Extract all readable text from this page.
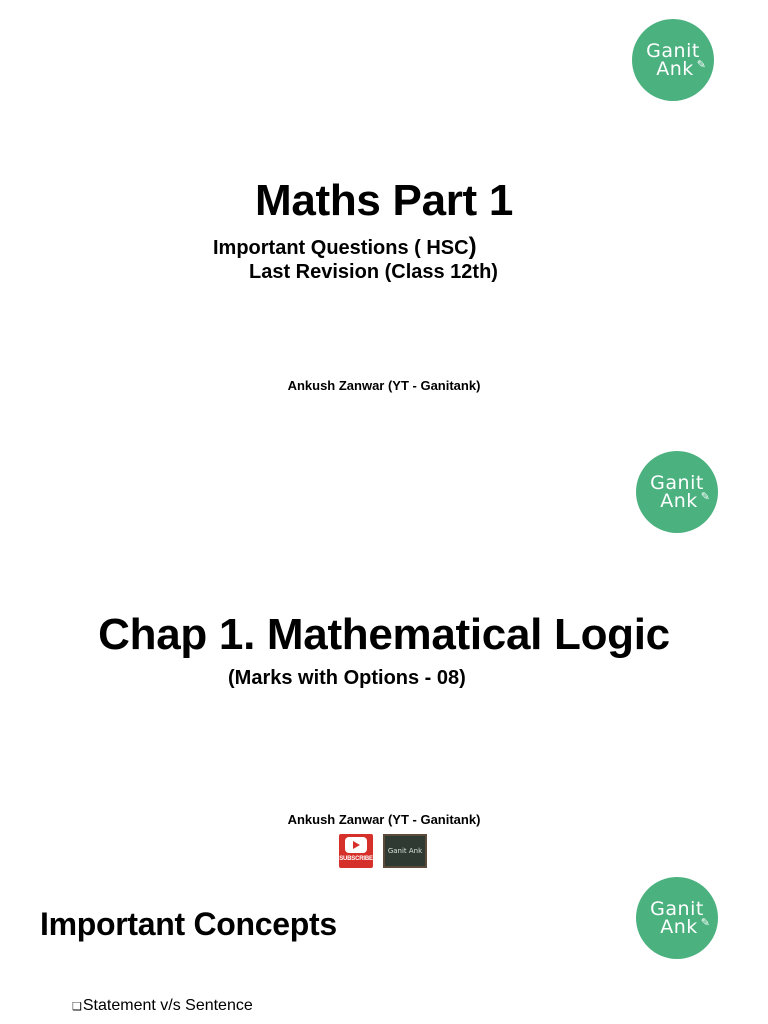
Ganit
Ank ✎
Maths Part 1
Important Questions ( HSC)
Last Revision (Class 12th)
Ankush Zanwar (YT - Ganitank)
Ganit
Ank ✎
Chap 1. Mathematical Logic
(Marks with Options - 08)
Ankush Zanwar (YT - Ganitank)
SUBSCRIBE
Ganit Ank
Ganit
Ank ✎
Important Concepts
❑ Statement v/s Sentence
